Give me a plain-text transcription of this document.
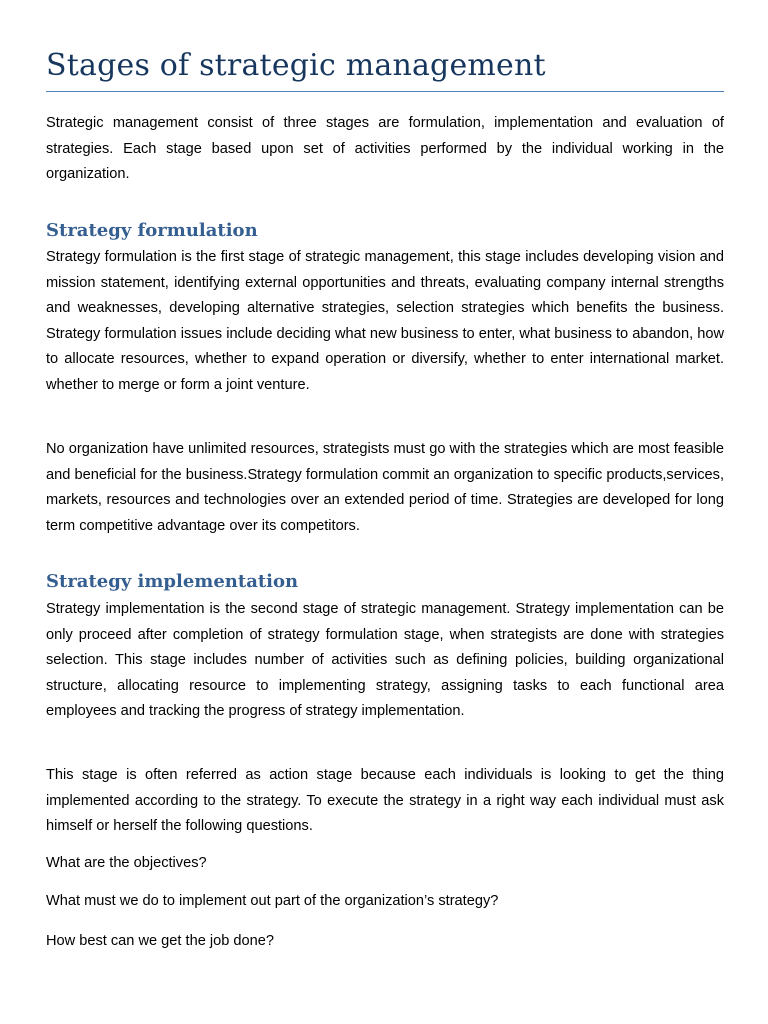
Stages of strategic management

Strategic management consist of three stages are formulation, implementation and evaluation of strategies. Each stage based upon set of activities performed by the individual working in the organization.

Strategy formulation

Strategy formulation is the first stage of strategic management, this stage includes developing vision and mission statement, identifying external opportunities and threats, evaluating company internal strengths and weaknesses, developing alternative strategies, selection strategies which benefits the business. Strategy formulation issues include deciding what new business to enter, what business to abandon, how to allocate resources, whether to expand operation or diversify, whether to enter international market. whether to merge or form a joint venture.

No organization have unlimited resources, strategists must go with the strategies which are most feasible and beneficial for the business.Strategy formulation commit an organization to specific products,services, markets, resources and technologies over an extended period of time. Strategies are developed for long term competitive advantage over its competitors.

Strategy implementation

Strategy implementation is the second stage of strategic management. Strategy implementation can be only proceed after completion of strategy formulation stage, when strategists are done with strategies selection. This stage includes number of activities such as defining policies, building organizational structure, allocating resource to implementing strategy, assigning tasks to each functional area employees and tracking the progress of strategy implementation.

This stage is often referred as action stage because each individuals is looking to get the thing implemented according to the strategy. To execute the strategy in a right way each individual must ask himself or herself the following questions.

What are the objectives?

What must we do to implement out part of the organization’s strategy?

How best can we get the job done?
